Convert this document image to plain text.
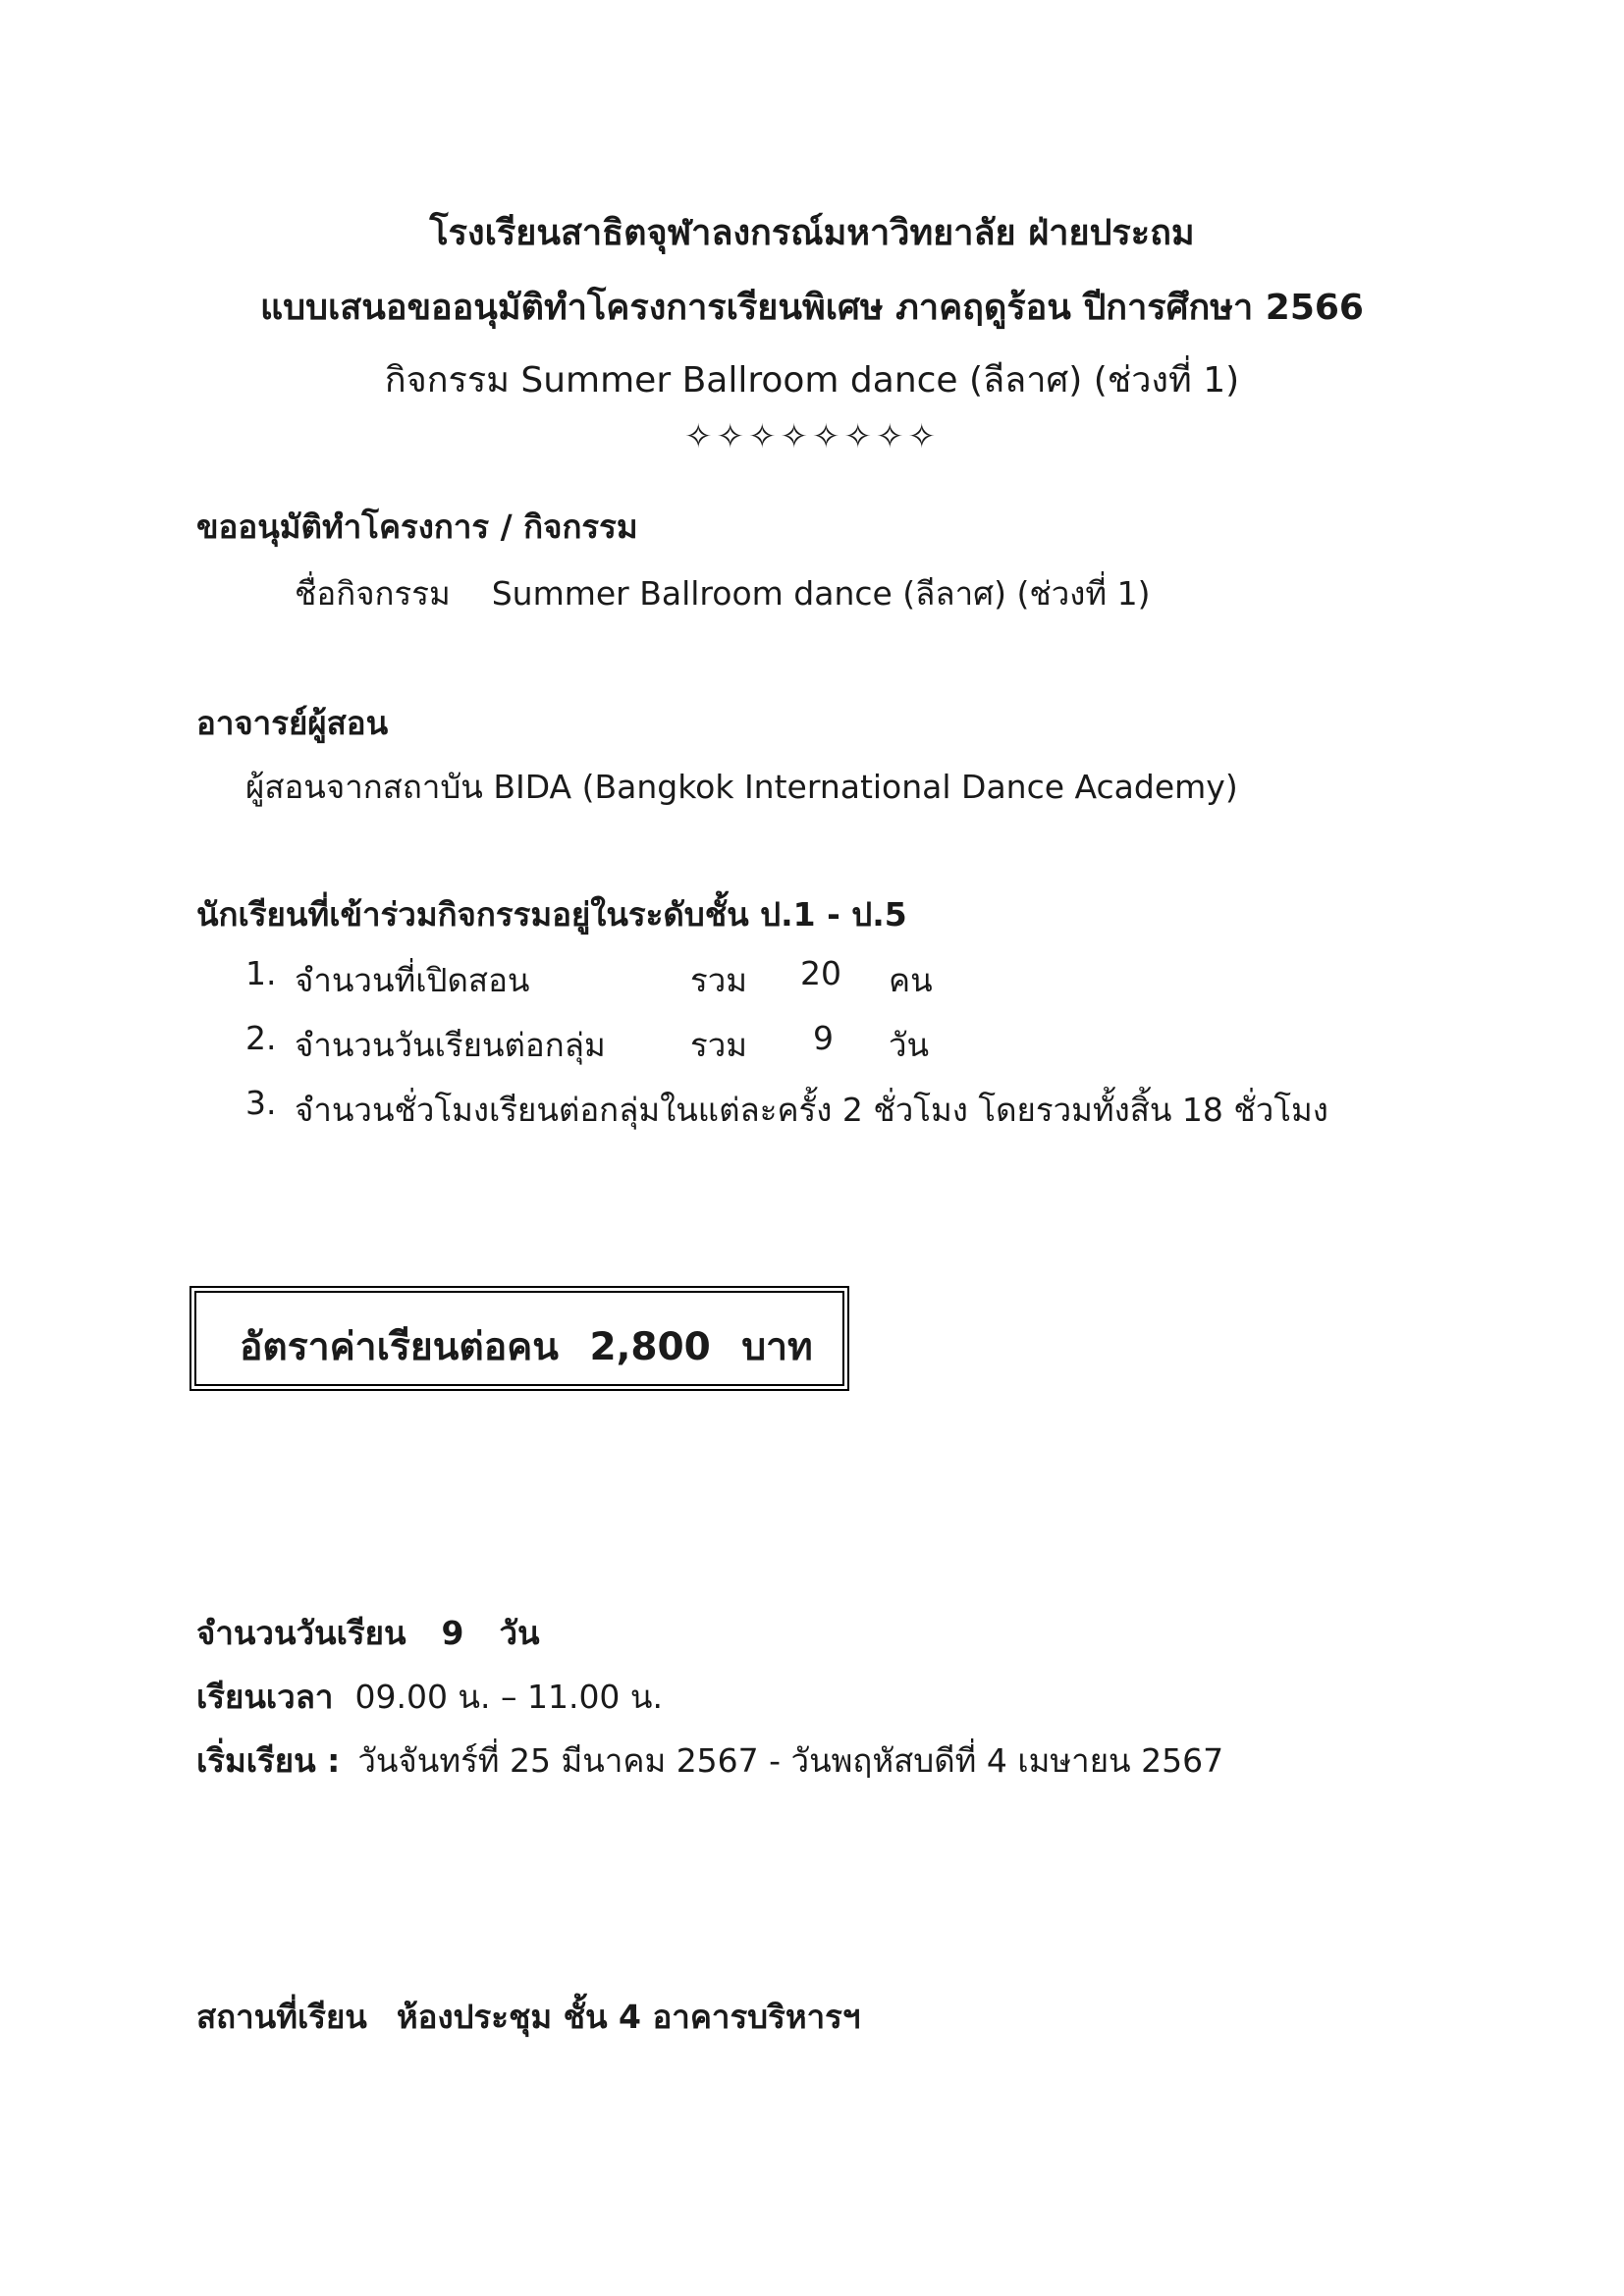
โรงเรียนสาธิตจุฬาลงกรณ์มหาวิทยาลัย ฝ่ายประถม
แบบเสนอขออนุมัติทำโครงการเรียนพิเศษ ภาคฤดูร้อน ปีการศึกษา 2566
กิจกรรม Summer Ballroom dance (ลีลาศ) (ช่วงที่ 1)
✧✧✧✧✧✧✧✧
ขออนุมัติทำโครงการ / กิจกรรม
ชื่อกิจกรรม Summer Ballroom dance (ลีลาศ) (ช่วงที่ 1)
อาจารย์ผู้สอน
ผู้สอนจากสถาบัน BIDA (Bangkok International Dance Academy)
นักเรียนที่เข้าร่วมกิจกรรมอยู่ในระดับชั้น ป.1 - ป.5
1. จำนวนที่เปิดสอน	รวม 20 คน
2. จำนวนวันเรียนต่อกลุ่ม	รวม 9 วัน
3. จำนวนชั่วโมงเรียนต่อกลุ่มในแต่ละครั้ง 2 ชั่วโมง โดยรวมทั้งสิ้น 18 ชั่วโมง
อัตราค่าเรียนต่อคน 2,800 บาท
จำนวนวันเรียน 9 วัน
เรียนเวลา 09.00 น. – 11.00 น.
เริ่มเรียน : วันจันทร์ที่ 25 มีนาคม 2567 - วันพฤหัสบดีที่ 4 เมษายน 2567
สถานที่เรียน ห้องประชุม ชั้น 4 อาคารบริหารฯ
